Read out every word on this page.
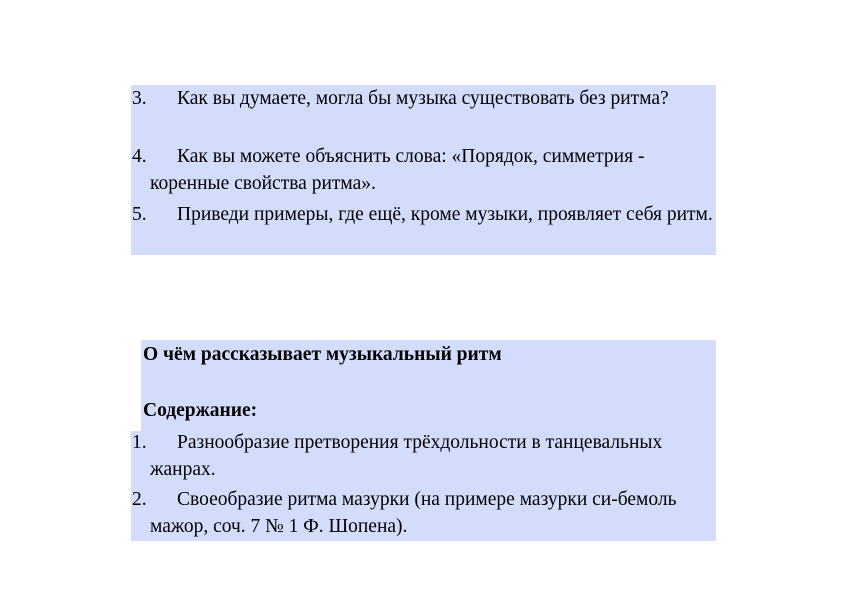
3.	Как вы думаете, могла бы музыка существовать без ритма?
4.	Как вы можете объяснить слова: «Порядок, симметрия - коренные свойства ритма».
5.	Приведи примеры, где ещё, кроме музыки, проявляет себя ритм.
О чём рассказывает музыкальный ритм
Содержание:
1.	Разнообразие претворения трёхдольности в танцевальных жанрах.
2.	Своеобразие ритма мазурки (на примере мазурки си-бемоль мажор, соч. 7 № 1 Ф. Шопена).
